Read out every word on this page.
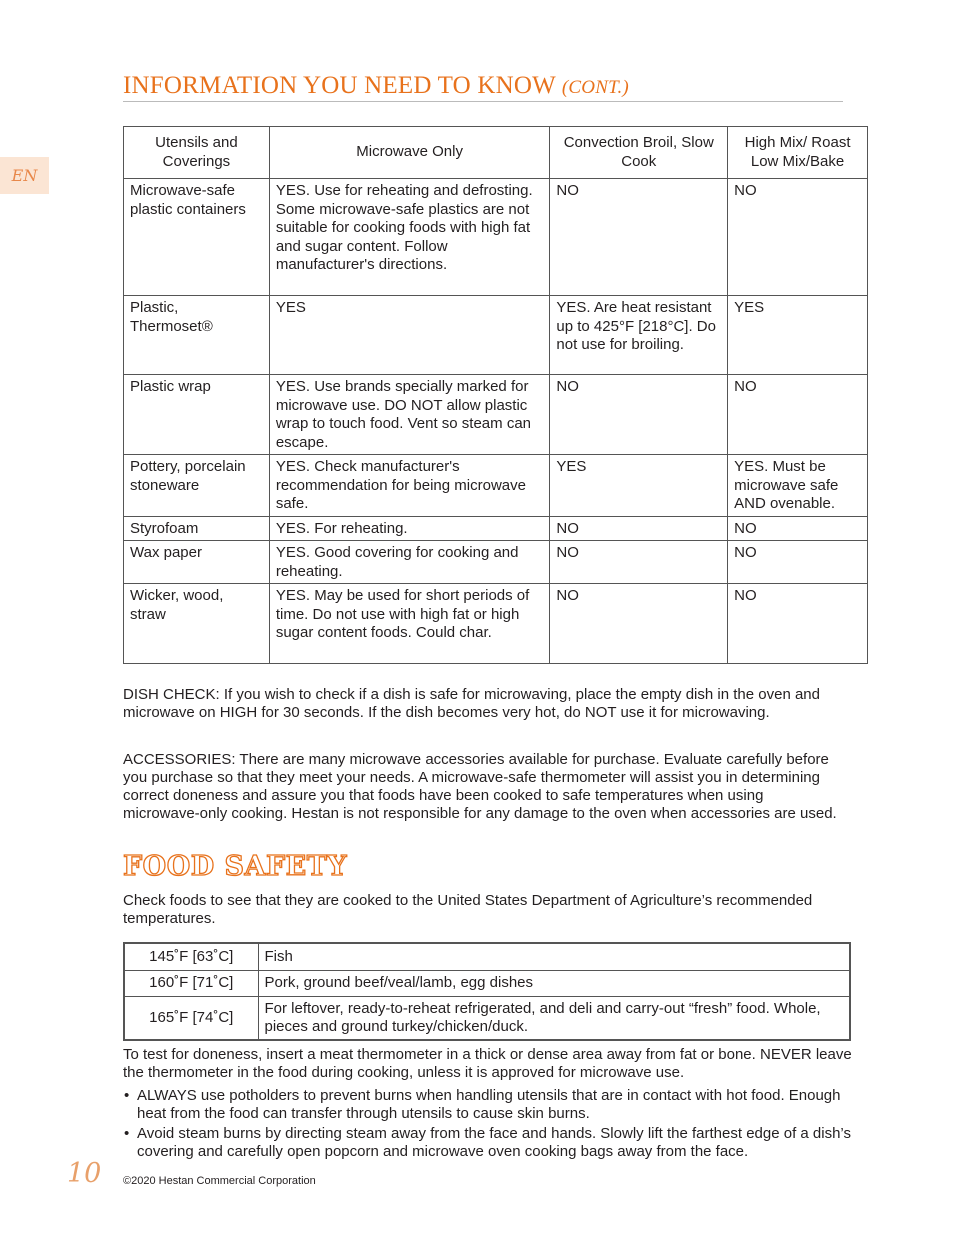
EN
INFORMATION YOU NEED TO KNOW (CONT.)
Utensils and Coverings	Microwave Only	Convection Broil, Slow Cook	High Mix/ Roast Low Mix/Bake
Microwave-safe plastic containers	YES. Use for reheating and defrosting. Some microwave-safe plastics are not suitable for cooking foods with high fat and sugar content. Follow manufacturer's directions.	NO	NO
Plastic, Thermoset®	YES	YES. Are heat resistant up to 425°F [218°C]. Do not use for broiling.	YES
Plastic wrap	YES. Use brands specially marked for microwave use. DO NOT allow plastic wrap to touch food. Vent so steam can escape.	NO	NO
Pottery, porcelain stoneware	YES. Check manufacturer's recommendation for being microwave safe.	YES	YES. Must be microwave safe AND ovenable.
Styrofoam	YES. For reheating.	NO	NO
Wax paper	YES. Good covering for cooking and reheating.	NO	NO
Wicker, wood, straw	YES. May be used for short periods of time. Do not use with high fat or high sugar content foods. Could char.	NO	NO

DISH CHECK: If you wish to check if a dish is safe for microwaving, place the empty dish in the oven and microwave on HIGH for 30 seconds. If the dish becomes very hot, do NOT use it for microwaving.

ACCESSORIES: There are many microwave accessories available for purchase. Evaluate carefully before you purchase so that they meet your needs. A microwave-safe thermometer will assist you in determining correct doneness and assure you that foods have been cooked to safe temperatures when using microwave-only cooking. Hestan is not responsible for any damage to the oven when accessories are used.

FOOD SAFETY

Check foods to see that they are cooked to the United States Department of Agriculture’s recommended temperatures.

145˚F [63˚C]	Fish
160˚F [71˚C]	Pork, ground beef/veal/lamb, egg dishes
165˚F [74˚C]	For leftover, ready-to-reheat refrigerated, and deli and carry-out “fresh” food. Whole, pieces and ground turkey/chicken/duck.

To test for doneness, insert a meat thermometer in a thick or dense area away from fat or bone. NEVER leave the thermometer in the food during cooking, unless it is approved for microwave use.

• ALWAYS use potholders to prevent burns when handling utensils that are in contact with hot food. Enough heat from the food can transfer through utensils to cause skin burns.
• Avoid steam burns by directing steam away from the face and hands. Slowly lift the farthest edge of a dish’s covering and carefully open popcorn and microwave oven cooking bags away from the face.
10 ©2020 Hestan Commercial Corporation
